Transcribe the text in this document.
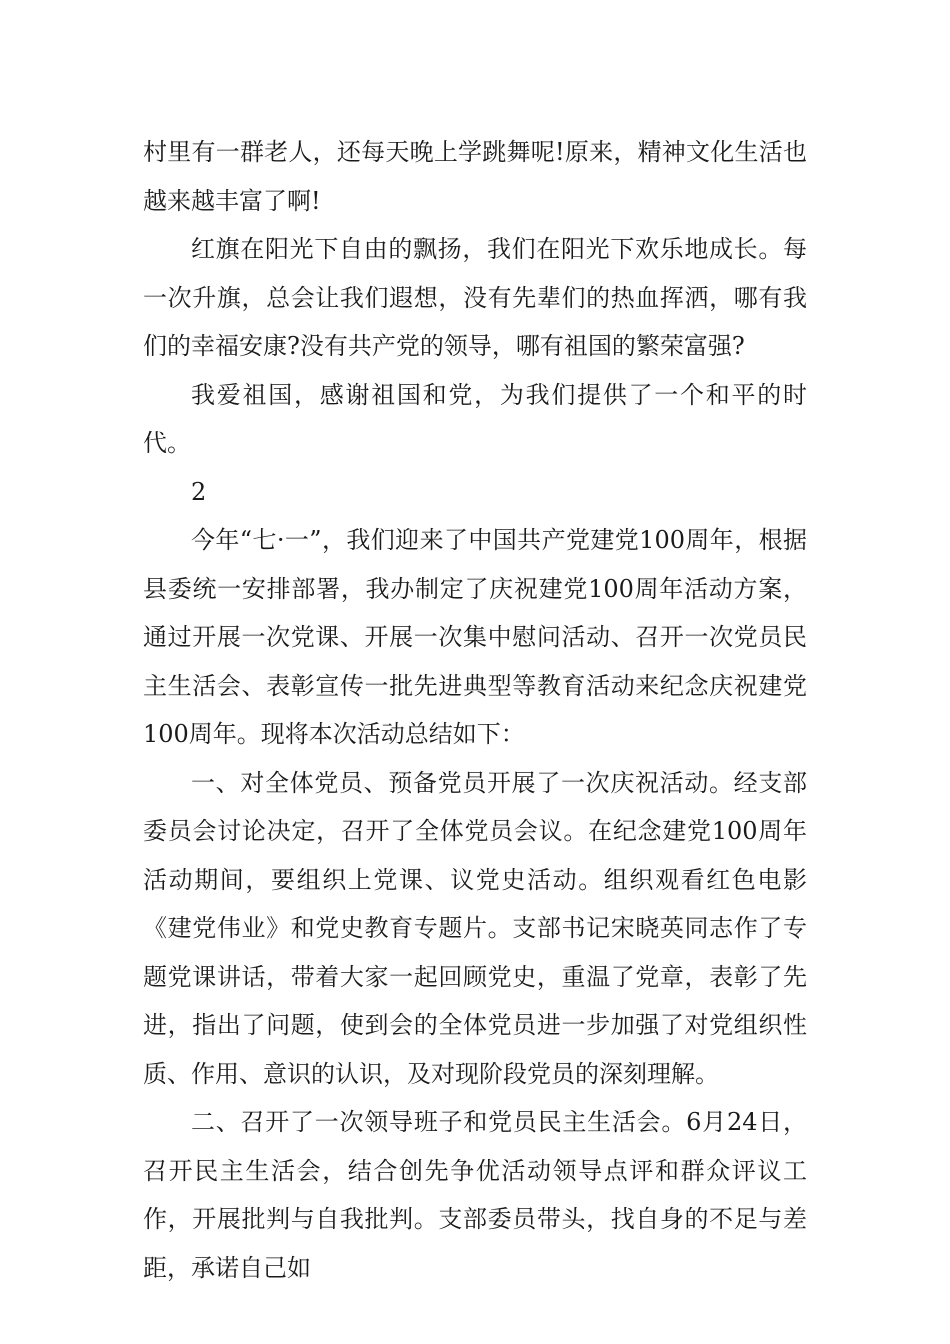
村里有一群老人，还每天晚上学跳舞呢!原来，精神文化生活也越来越丰富了啊!

红旗在阳光下自由的飘扬，我们在阳光下欢乐地成长。每一次升旗，总会让我们遐想，没有先辈们的热血挥洒，哪有我们的幸福安康?没有共产党的领导，哪有祖国的繁荣富强?

我爱祖国，感谢祖国和党，为我们提供了一个和平的时代。

2

今年“七·一”，我们迎来了中国共产党建党100周年，根据县委统一安排部署，我办制定了庆祝建党100周年活动方案，通过开展一次党课、开展一次集中慰问活动、召开一次党员民主生活会、表彰宣传一批先进典型等教育活动来纪念庆祝建党100周年。现将本次活动总结如下：

一、对全体党员、预备党员开展了一次庆祝活动。经支部委员会讨论决定，召开了全体党员会议。在纪念建党100周年活动期间，要组织上党课、议党史活动。组织观看红色电影《建党伟业》和党史教育专题片。支部书记宋晓英同志作了专题党课讲话，带着大家一起回顾党史，重温了党章，表彰了先进，指出了问题，使到会的全体党员进一步加强了对党组织性质、作用、意识的认识，及对现阶段党员的深刻理解。

二、召开了一次领导班子和党员民主生活会。6月24日，召开民主生活会，结合创先争优活动领导点评和群众评议工作，开展批判与自我批判。支部委员带头，找自身的不足与差距，承诺自己如
